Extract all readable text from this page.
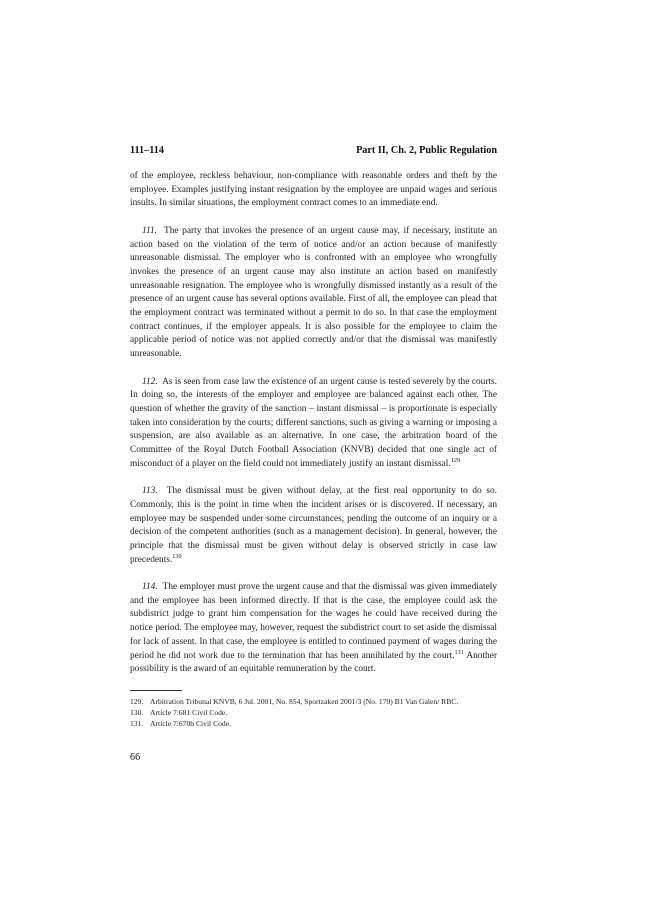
111–114	Part II, Ch. 2, Public Regulation

of the employee, reckless behaviour, non-compliance with reasonable orders and theft by the employee. Examples justifying instant resignation by the employee are unpaid wages and serious insults. In similar situations, the employment contract comes to an immediate end.

111. The party that invokes the presence of an urgent cause may, if necessary, institute an action based on the violation of the term of notice and/or an action because of manifestly unreasonable dismissal. The employer who is confronted with an employee who wrongfully invokes the presence of an urgent cause may also institute an action based on manifestly unreasonable resignation. The employee who is wrongfully dismissed instantly as a result of the presence of an urgent cause has several options available. First of all, the employee can plead that the employment contract was terminated without a permit to do so. In that case the employment contract continues, if the employer appeals. It is also possible for the employee to claim the applicable period of notice was not applied correctly and/or that the dismissal was manifestly unreasonable.

112. As is seen from case law the existence of an urgent cause is tested severely by the courts. In doing so, the interests of the employer and employee are balanced against each other. The question of whether the gravity of the sanction – instant dismissal – is proportionate is especially taken into consideration by the courts; different sanctions, such as giving a warning or imposing a suspension, are also available as an alternative. In one case, the arbitration board of the Committee of the Royal Dutch Football Association (KNVB) decided that one single act of misconduct of a player on the field could not immediately justify an instant dismissal.$^{129}$

113. The dismissal must be given without delay, at the first real opportunity to do so. Commonly, this is the point in time when the incident arises or is discovered. If necessary, an employee may be suspended under some circumstances, pending the outcome of an inquiry or a decision of the competent authorities (such as a management decision). In general, however, the principle that the dismissal must be given without delay is observed strictly in case law precedents.$^{130}$

114. The employer must prove the urgent cause and that the dismissal was given immediately and the employee has been informed directly. If that is the case, the employee could ask the subdistrict judge to grant him compensation for the wages he could have received during the notice period. The employee may, however, request the subdistrict court to set aside the dismissal for lack of assent. In that case, the employee is entitled to continued payment of wages during the period he did not work due to the termination that has been annihilated by the court.$^{131}$ Another possibility is the award of an equitable remuneration by the court.

129. Arbitration Tribunal KNVB, 6 Jul. 2001, No. 854, Sportzaken 2001/3 (No. 179) B1 Van Galen/ RBC.
130. Article 7:681 Civil Code.
131. Article 7:670b Civil Code.
66
